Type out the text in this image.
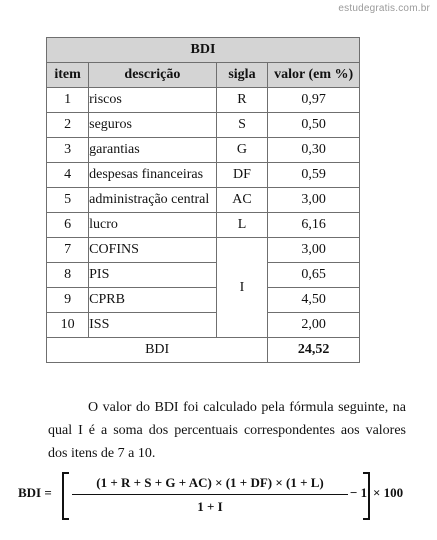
estudegratis.com.br
BDI			
item	descrição	sigla	valor (em %)
1	riscos	R	0,97
2	seguros	S	0,50
3	garantias	G	0,30
4	despesas financeiras	DF	0,59
5	administração central	AC	3,00
6	lucro	L	6,16
7	COFINS	I	3,00
8	PIS		0,65
9	CPRB		4,50
10	ISS		2,00
BDI			24,52

O valor do BDI foi calculado pela fórmula seguinte, na qual I é a soma dos percentuais correspondentes aos valores dos itens de 7 a 10.

BDI =
(1 + R + S + G + AC) × (1 + DF) × (1 + L)
1 + I
− 1 × 100
